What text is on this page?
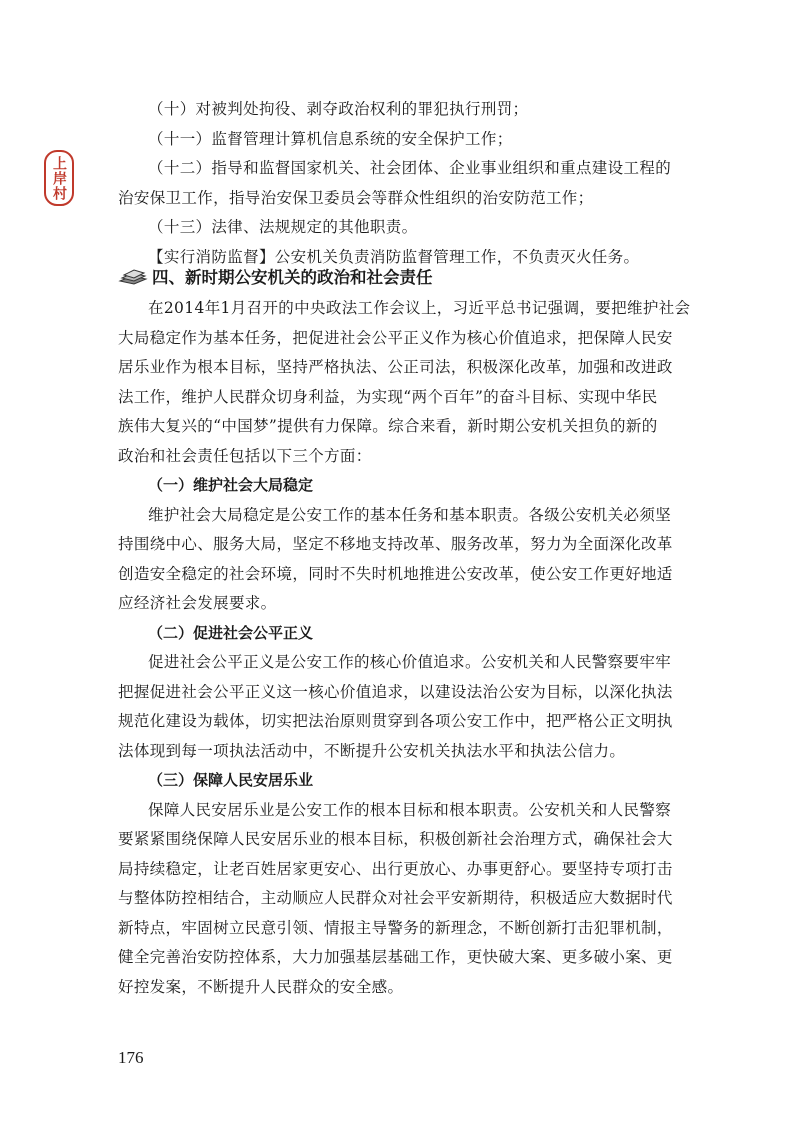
上岸村
（十）对被判处拘役、剥夺政治权利的罪犯执行刑罚；
（十一）监督管理计算机信息系统的安全保护工作；
（十二）指导和监督国家机关、社会团体、企业事业组织和重点建设工程的
治安保卫工作，指导治安保卫委员会等群众性组织的治安防范工作；
（十三）法律、法规规定的其他职责。
【实行消防监督】公安机关负责消防监督管理工作，不负责灭火任务。
四、新时期公安机关的政治和社会责任
在2014年1月召开的中央政法工作会议上，习近平总书记强调，要把维护社会
大局稳定作为基本任务，把促进社会公平正义作为核心价值追求，把保障人民安
居乐业作为根本目标，坚持严格执法、公正司法，积极深化改革，加强和改进政
法工作，维护人民群众切身利益，为实现“两个百年”的奋斗目标、实现中华民
族伟大复兴的“中国梦”提供有力保障。综合来看，新时期公安机关担负的新的
政治和社会责任包括以下三个方面：
（一）维护社会大局稳定
维护社会大局稳定是公安工作的基本任务和基本职责。各级公安机关必须坚
持围绕中心、服务大局，坚定不移地支持改革、服务改革，努力为全面深化改革
创造安全稳定的社会环境，同时不失时机地推进公安改革，使公安工作更好地适
应经济社会发展要求。
（二）促进社会公平正义
促进社会公平正义是公安工作的核心价值追求。公安机关和人民警察要牢牢
把握促进社会公平正义这一核心价值追求，以建设法治公安为目标，以深化执法
规范化建设为载体，切实把法治原则贯穿到各项公安工作中，把严格公正文明执
法体现到每一项执法活动中，不断提升公安机关执法水平和执法公信力。
（三）保障人民安居乐业
保障人民安居乐业是公安工作的根本目标和根本职责。公安机关和人民警察
要紧紧围绕保障人民安居乐业的根本目标，积极创新社会治理方式，确保社会大
局持续稳定，让老百姓居家更安心、出行更放心、办事更舒心。要坚持专项打击
与整体防控相结合，主动顺应人民群众对社会平安新期待，积极适应大数据时代
新特点，牢固树立民意引领、情报主导警务的新理念，不断创新打击犯罪机制，
健全完善治安防控体系，大力加强基层基础工作，更快破大案、更多破小案、更
好控发案，不断提升人民群众的安全感。
176
